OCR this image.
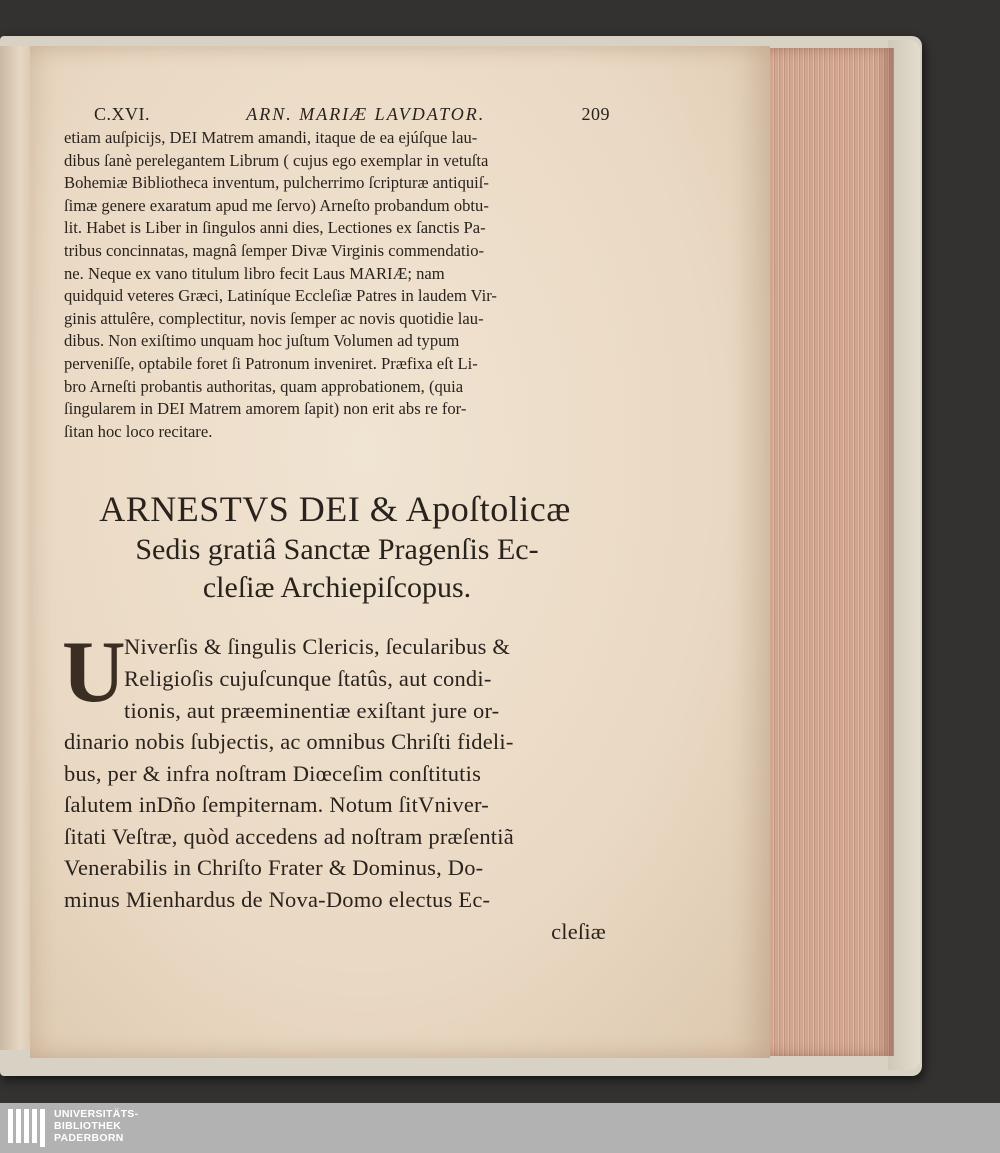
C.XVI.	ARN. MARIÆ LAVDATOR.	209
etiam auſpicijs, DEI Matrem amandi, itaque de ea ejúſque lau-
dibus ſanè perelegantem Librum ( cujus ego exemplar in vetuſta
Bohemiæ Bibliotheca inventum, pulcherrimo ſcripturæ antiquiſ-
ſimæ genere exaratum apud me ſervo) Arneſto probandum obtu-
lit. Habet is Liber in ſingulos anni dies, Lectiones ex ſanctis Pa-
tribus concinnatas, magnâ ſemper Divæ Virginis commendatio-
ne. Neque ex vano titulum libro fecit Laus MARIÆ; nam
quidquid veteres Græci, Latiníque Eccleſiæ Patres in laudem Vir-
ginis attulêre, complectitur, novis ſemper ac novis quotidie lau-
dibus. Non exiſtimo unquam hoc juſtum Volumen ad typum
perveniſſe, optabile foret ſi Patronum inveniret. Præfixa eſt Li-
bro Arneſti probantis authoritas, quam approbationem, (quia
ſingularem in DEI Matrem amorem ſapit) non erit abs re for-
ſitan hoc loco recitare.
ARNESTVS DEI & Apoſtolicæ
Sedis gratiâ Sanctæ Pragenſis Ec-
cleſiæ Archiepiſcopus.
U
Niverſis & ſingulis Clericis, ſecularibus &
Religioſis cujuſcunque ſtatûs, aut condi-
tionis, aut præeminentiæ exiſtant jure or-
dinario nobis ſubjectis, ac omnibus Chriſti fideli-
bus, per & infra noſtram Diœceſim conſtitutis
ſalutem inDño ſempiternam. Notum ſitVniver-
ſitati Veſtræ, quòd accedens ad noſtram præſentiã
Venerabilis in Chriſto Frater & Dominus, Do-
minus Mienhardus de Nova-Domo electus Ec-
cleſiæ
UNIVERSITÄTS-
BIBLIOTHEK
PADERBORN
